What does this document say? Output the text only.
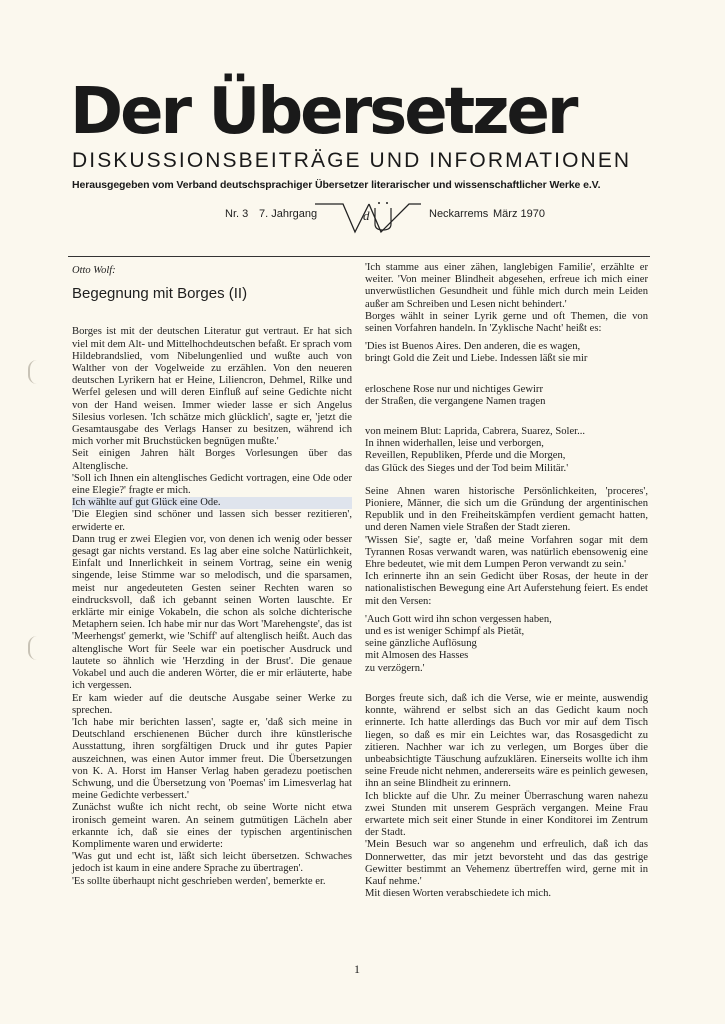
Der Übersetzer
DISKUSSIONSBEITRÄGE UND INFORMATIONEN
Herausgegeben vom Verband deutschsprachiger Übersetzer literarischer und wissenschaftlicher Werke e.V.
Nr. 3 7. Jahrgang	d	Neckarrems März 1970

Otto Wolf:

Begegnung mit Borges (II)

Borges ist mit der deutschen Literatur gut vertraut. Er hat sich viel mit dem Alt- und Mittelhochdeutschen befaßt. Er sprach vom Hildebrandslied, vom Nibelungenlied und wußte auch von Walther von der Vogelweide zu erzählen. Von den neueren deutschen Lyrikern hat er Heine, Liliencron, Dehmel, Rilke und Werfel gelesen und will deren Einfluß auf seine Gedichte nicht von der Hand weisen. Immer wieder lasse er sich Angelus Silesius vorlesen. 'Ich schätze mich glücklich', sagte er, 'jetzt die Gesamtausgabe des Verlags Hanser zu besitzen, während ich mich vorher mit Bruchstücken begnügen mußte.'

Seit einigen Jahren hält Borges Vorlesungen über das Altenglische.

'Soll ich Ihnen ein altenglisches Gedicht vortragen, eine Ode oder eine Elegie?' fragte er mich.

Ich wählte auf gut Glück eine Ode.

'Die Elegien sind schöner und lassen sich besser rezitieren', erwiderte er.

Dann trug er zwei Elegien vor, von denen ich wenig oder besser gesagt gar nichts verstand. Es lag aber eine solche Natürlichkeit, Einfalt und Innerlichkeit in seinem Vortrag, seine ein wenig singende, leise Stimme war so melodisch, und die sparsamen, meist nur angedeuteten Gesten seiner Rechten waren so eindrucksvoll, daß ich gebannt seinen Worten lauschte. Er erklärte mir einige Vokabeln, die schon als solche dichterische Metaphern seien. Ich habe mir nur das Wort 'Marehengste', das ist 'Meerhengst' gemerkt, wie 'Schiff' auf altenglisch heißt. Auch das altenglische Wort für Seele war ein poetischer Ausdruck und lautete so ähnlich wie 'Herzding in der Brust'. Die genaue Vokabel und auch die anderen Wörter, die er mir erläuterte, habe ich vergessen.

Er kam wieder auf die deutsche Ausgabe seiner Werke zu sprechen.

'Ich habe mir berichten lassen', sagte er, 'daß sich meine in Deutschland erschienenen Bücher durch ihre künstlerische Ausstattung, ihren sorgfältigen Druck und ihr gutes Papier auszeichnen, was einen Autor immer freut. Die Übersetzungen von K. A. Horst im Hanser Verlag haben geradezu poetischen Schwung, und die Übersetzung von 'Poemas' im Limesverlag hat meine Gedichte verbessert.'

Zunächst wußte ich nicht recht, ob seine Worte nicht etwa ironisch gemeint waren. An seinem gutmütigen Lächeln aber erkannte ich, daß sie eines der typischen argentinischen Komplimente waren und erwiderte:

'Was gut und echt ist, läßt sich leicht übersetzen. Schwaches jedoch ist kaum in eine andere Sprache zu übertragen'.

'Es sollte überhaupt nicht geschrieben werden', bemerkte er.

'Ich stamme aus einer zähen, langlebigen Familie', erzählte er weiter. 'Von meiner Blindheit abgesehen, erfreue ich mich einer unverwüstlichen Gesundheit und fühle mich durch mein Leiden außer am Schreiben und Lesen nicht behindert.'

Borges wählt in seiner Lyrik gerne und oft Themen, die von seinen Vorfahren handeln. In 'Zyklische Nacht' heißt es:

'Dies ist Buenos Aires. Den anderen, die es wagen,

bringt Gold die Zeit und Liebe. Indessen läßt sie mir

erloschene Rose nur und nichtiges Gewirr

der Straßen, die vergangene Namen tragen

von meinem Blut: Laprida, Cabrera, Suarez, Soler...

In ihnen widerhallen, leise und verborgen,

Reveillen, Republiken, Pferde und die Morgen,

das Glück des Sieges und der Tod beim Militär.'

Seine Ahnen waren historische Persönlichkeiten, 'proceres', Pioniere, Männer, die sich um die Gründung der argentinischen Republik und in den Freiheitskämpfen verdient gemacht hatten, und deren Namen viele Straßen der Stadt zieren.

'Wissen Sie', sagte er, 'daß meine Vorfahren sogar mit dem Tyrannen Rosas verwandt waren, was natürlich ebensowenig eine Ehre bedeutet, wie mit dem Lumpen Peron verwandt zu sein.'

Ich erinnerte ihn an sein Gedicht über Rosas, der heute in der nationalistischen Bewegung eine Art Auferstehung feiert. Es endet mit den Versen:

'Auch Gott wird ihn schon vergessen haben,

und es ist weniger Schimpf als Pietät,

seine gänzliche Auflösung

mit Almosen des Hasses

zu verzögern.'

Borges freute sich, daß ich die Verse, wie er meinte, auswendig konnte, während er selbst sich an das Gedicht kaum noch erinnerte. Ich hatte allerdings das Buch vor mir auf dem Tisch liegen, so daß es mir ein Leichtes war, das Rosasgedicht zu zitieren. Nachher war ich zu verlegen, um Borges über die unbeabsichtigte Täuschung aufzuklären. Einerseits wollte ich ihm seine Freude nicht nehmen, andererseits wäre es peinlich gewesen, ihn an seine Blindheit zu erinnern.

Ich blickte auf die Uhr. Zu meiner Überraschung waren nahezu zwei Stunden mit unserem Gespräch vergangen. Meine Frau erwartete mich seit einer Stunde in einer Konditorei im Zentrum der Stadt.

'Mein Besuch war so angenehm und erfreulich, daß ich das Donnerwetter, das mir jetzt bevorsteht und das das gestrige Gewitter bestimmt an Vehemenz übertreffen wird, gerne mit in Kauf nehme.'

Mit diesen Worten verabschiedete ich mich.

1
